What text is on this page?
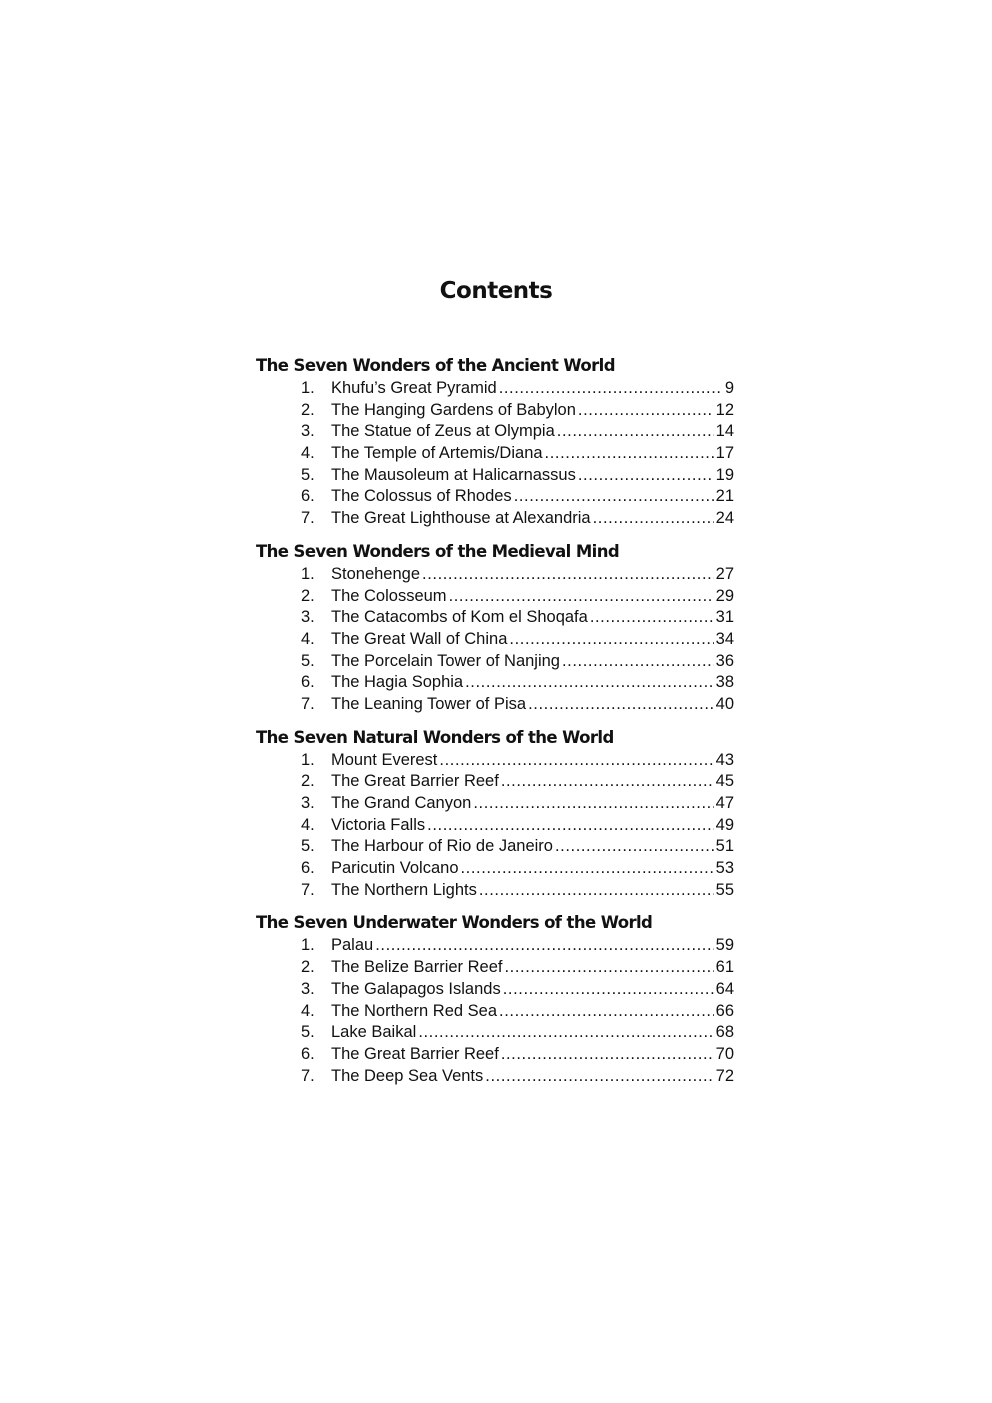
Contents
The Seven Wonders of the Ancient World
1. Khufu’s Great Pyramid .....	9
2. The Hanging Gardens of Babylon .....	12
3. The Statue of Zeus at Olympia .....	14
4. The Temple of Artemis/Diana .....	17
5. The Mausoleum at Halicarnassus .....	19
6. The Colossus of Rhodes .....	21
7. The Great Lighthouse at Alexandria .....	24
The Seven Wonders of the Medieval Mind
1. Stonehenge .....	27
2. The Colosseum .....	29
3. The Catacombs of Kom el Shoqafa .....	31
4. The Great Wall of China .....	34
5. The Porcelain Tower of Nanjing .....	36
6. The Hagia Sophia .....	38
7. The Leaning Tower of Pisa .....	40
The Seven Natural Wonders of the World
1. Mount Everest .....	43
2. The Great Barrier Reef .....	45
3. The Grand Canyon .....	47
4. Victoria Falls .....	49
5. The Harbour of Rio de Janeiro .....	51
6. Paricutin Volcano .....	53
7. The Northern Lights .....	55
The Seven Underwater Wonders of the World
1. Palau .....	59
2. The Belize Barrier Reef .....	61
3. The Galapagos Islands .....	64
4. The Northern Red Sea .....	66
5. Lake Baikal .....	68
6. The Great Barrier Reef .....	70
7. The Deep Sea Vents .....	72
